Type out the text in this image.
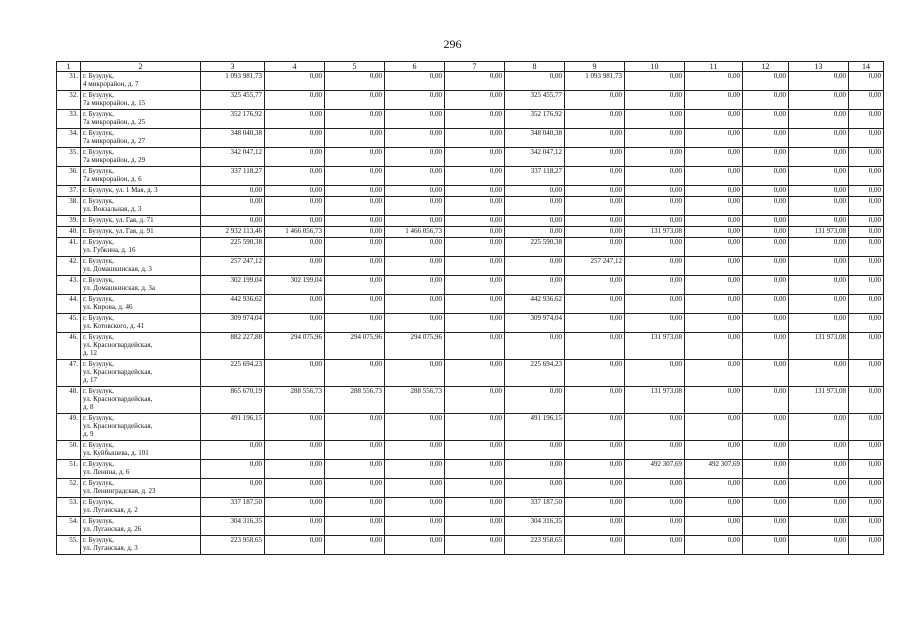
296
1	2	3	4	5	6	7	8	9	10	11	12	13	14
31.	г. Бузулук,
4 микрорайон, д. 7	1 093 981,73	0,00	0,00	0,00	0,00	0,00	1 093 981,73	0,00	0,00	0,00	0,00	0,00
32.	г. Бузулук,
7а микрорайон, д. 15	325 455,77	0,00	0,00	0,00	0,00	325 455,77	0,00	0,00	0,00	0,00	0,00	0,00
33.	г. Бузулук,
7а микрорайон, д. 25	352 176,92	0,00	0,00	0,00	0,00	352 176,92	0,00	0,00	0,00	0,00	0,00	0,00
34.	г. Бузулук,
7а микрорайон, д. 27	348 040,38	0,00	0,00	0,00	0,00	348 040,38	0,00	0,00	0,00	0,00	0,00	0,00
35.	г. Бузулук,
7а микрорайон, д. 29	342 047,12	0,00	0,00	0,00	0,00	342 047,12	0,00	0,00	0,00	0,00	0,00	0,00
36.	г. Бузулук,
7а микрорайон, д. 6	337 118,27	0,00	0,00	0,00	0,00	337 118,27	0,00	0,00	0,00	0,00	0,00	0,00
37.	г. Бузулук, ул. 1 Мая, д. 3	0,00	0,00	0,00	0,00	0,00	0,00	0,00	0,00	0,00	0,00	0,00	0,00
38.	г. Бузулук,
ул. Вокзальная, д. 3	0,00	0,00	0,00	0,00	0,00	0,00	0,00	0,00	0,00	0,00	0,00	0,00
39.	г. Бузулук, ул. Гая, д. 71	0,00	0,00	0,00	0,00	0,00	0,00	0,00	0,00	0,00	0,00	0,00	0,00
40.	г. Бузулук, ул. Гая, д. 91	2 932 113,46	1 466 056,73	0,00	1 466 056,73	0,00	0,00	0,00	131 973,08	0,00	0,00	131 973,08	0,00
41.	г. Бузулук,
ул. Губкина, д. 16	225 590,38	0,00	0,00	0,00	0,00	225 590,38	0,00	0,00	0,00	0,00	0,00	0,00
42.	г. Бузулук,
ул. Домашкинская, д. 3	257 247,12	0,00	0,00	0,00	0,00	0,00	257 247,12	0,00	0,00	0,00	0,00	0,00
43.	г. Бузулук,
ул. Домашкинская, д. 3а	302 199,04	302 199,04	0,00	0,00	0,00	0,00	0,00	0,00	0,00	0,00	0,00	0,00
44.	г. Бузулук,
ул. Кирова, д. 46	442 936,62	0,00	0,00	0,00	0,00	442 936,62	0,00	0,00	0,00	0,00	0,00	0,00
45.	г. Бузулук,
ул. Котовского, д. 41	309 974,04	0,00	0,00	0,00	0,00	309 974,04	0,00	0,00	0,00	0,00	0,00	0,00
46.	г. Бузулук,
ул. Красногвардейская,
д. 12	882 227,88	294 075,96	294 075,96	294 075,96	0,00	0,00	0,00	131 973,08	0,00	0,00	131 973,08	0,00
47.	г. Бузулук,
ул. Красногвардейская,
д. 17	225 694,23	0,00	0,00	0,00	0,00	225 694,23	0,00	0,00	0,00	0,00	0,00	0,00
48.	г. Бузулук,
ул. Красногвардейская,
д. 8	865 670,19	288 556,73	288 556,73	288 556,73	0,00	0,00	0,00	131 973,08	0,00	0,00	131 973,08	0,00
49.	г. Бузулук,
ул. Красногвардейская,
д. 9	491 196,15	0,00	0,00	0,00	0,00	491 196,15	0,00	0,00	0,00	0,00	0,00	0,00
50.	г. Бузулук,
ул. Куйбышева, д. 101	0,00	0,00	0,00	0,00	0,00	0,00	0,00	0,00	0,00	0,00	0,00	0,00
51.	г. Бузулук,
ул. Ленина, д. 6	0,00	0,00	0,00	0,00	0,00	0,00	0,00	492 307,69	492 307,69	0,00	0,00	0,00
52.	г. Бузулук,
ул. Ленинградская, д. 23	0,00	0,00	0,00	0,00	0,00	0,00	0,00	0,00	0,00	0,00	0,00	0,00
53.	г. Бузулук,
ул. Луганская, д. 2	337 187,50	0,00	0,00	0,00	0,00	337 187,50	0,00	0,00	0,00	0,00	0,00	0,00
54.	г. Бузулук,
ул. Луганская, д. 26	304 316,35	0,00	0,00	0,00	0,00	304 316,35	0,00	0,00	0,00	0,00	0,00	0,00
55.	г. Бузулук,
ул. Луганская, д. 3	223 958,65	0,00	0,00	0,00	0,00	223 958,65	0,00	0,00	0,00	0,00	0,00	0,00
